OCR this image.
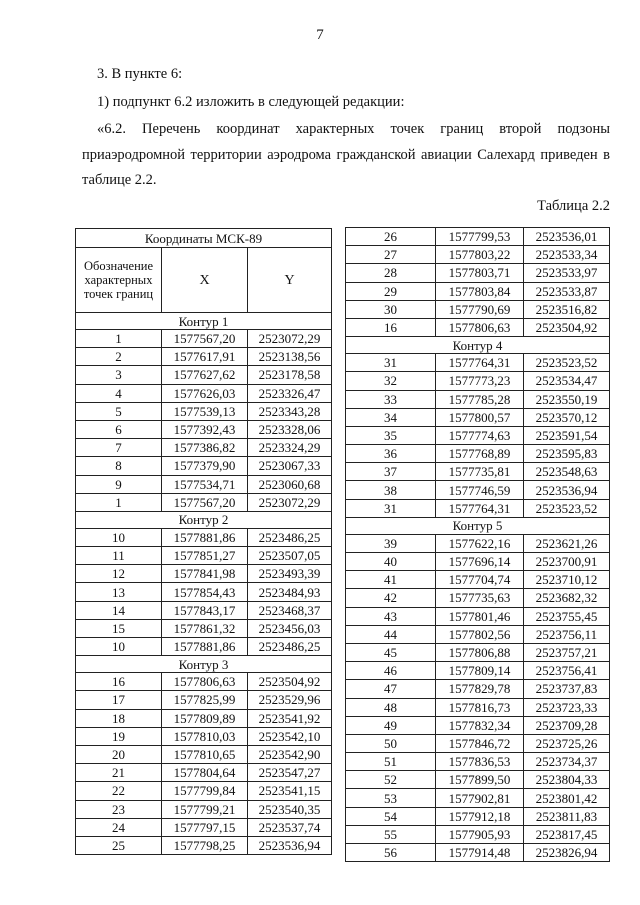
7
3. В пункте 6:
1) подпункт 6.2 изложить в следующей редакции:
«6.2. Перечень координат характерных точек границ второй подзоны
приаэродромной территории аэродрома гражданской авиации Салехард приведен в
таблице 2.2.
Таблица 2.2
Координаты МСК-89		
Обозначение характерных точек границ	X	Y
Контур 1		
1	1577567,20	2523072,29
2	1577617,91	2523138,56
3	1577627,62	2523178,58
4	1577626,03	2523326,47
5	1577539,13	2523343,28
6	1577392,43	2523328,06
7	1577386,82	2523324,29
8	1577379,90	2523067,33
9	1577534,71	2523060,68
1	1577567,20	2523072,29
Контур 2		
10	1577881,86	2523486,25
11	1577851,27	2523507,05
12	1577841,98	2523493,39
13	1577854,43	2523484,93
14	1577843,17	2523468,37
15	1577861,32	2523456,03
10	1577881,86	2523486,25
Контур 3		
16	1577806,63	2523504,92
17	1577825,99	2523529,96
18	1577809,89	2523541,92
19	1577810,03	2523542,10
20	1577810,65	2523542,90
21	1577804,64	2523547,27
22	1577799,84	2523541,15
23	1577799,21	2523540,35
24	1577797,15	2523537,74
25	1577798,25	2523536,94
26	1577799,53	2523536,01
27	1577803,22	2523533,34
28	1577803,71	2523533,97
29	1577803,84	2523533,87
30	1577790,69	2523516,82
16	1577806,63	2523504,92
Контур 4		
31	1577764,31	2523523,52
32	1577773,23	2523534,47
33	1577785,28	2523550,19
34	1577800,57	2523570,12
35	1577774,63	2523591,54
36	1577768,89	2523595,83
37	1577735,81	2523548,63
38	1577746,59	2523536,94
31	1577764,31	2523523,52
Контур 5		
39	1577622,16	2523621,26
40	1577696,14	2523700,91
41	1577704,74	2523710,12
42	1577735,63	2523682,32
43	1577801,46	2523755,45
44	1577802,56	2523756,11
45	1577806,88	2523757,21
46	1577809,14	2523756,41
47	1577829,78	2523737,83
48	1577816,73	2523723,33
49	1577832,34	2523709,28
50	1577846,72	2523725,26
51	1577836,53	2523734,37
52	1577899,50	2523804,33
53	1577902,81	2523801,42
54	1577912,18	2523811,83
55	1577905,93	2523817,45
56	1577914,48	2523826,94
